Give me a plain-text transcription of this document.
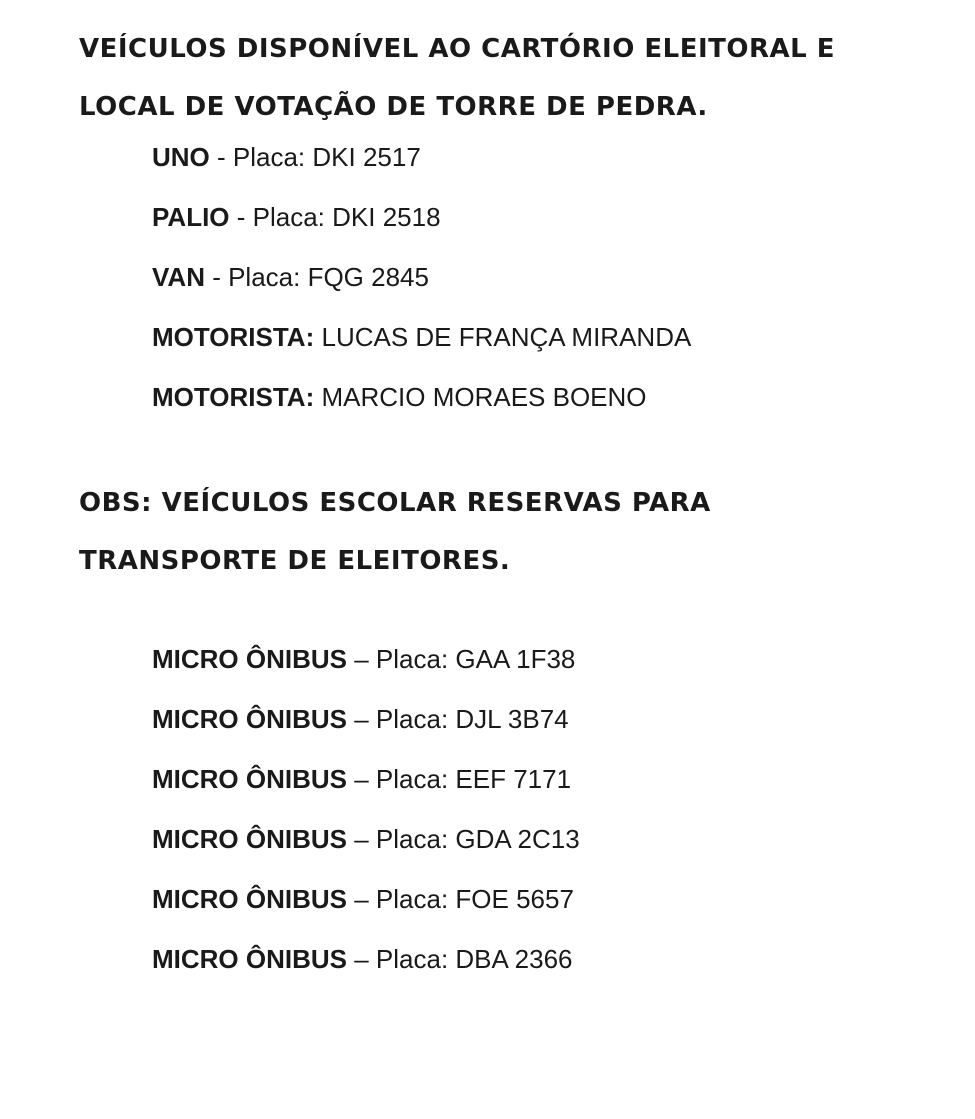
VEÍCULOS DISPONÍVEL AO CARTÓRIO ELEITORAL E
LOCAL DE VOTAÇÃO DE TORRE DE PEDRA.

UNO - Placa: DKI 2517

PALIO - Placa: DKI 2518

VAN - Placa: FQG 2845

MOTORISTA: LUCAS DE FRANÇA MIRANDA

MOTORISTA: MARCIO MORAES BOENO

OBS: VEÍCULOS ESCOLAR RESERVAS PARA
TRANSPORTE DE ELEITORES.

MICRO ÔNIBUS – Placa: GAA 1F38

MICRO ÔNIBUS – Placa: DJL 3B74

MICRO ÔNIBUS – Placa: EEF 7171

MICRO ÔNIBUS – Placa: GDA 2C13

MICRO ÔNIBUS – Placa: FOE 5657

MICRO ÔNIBUS – Placa: DBA 2366
